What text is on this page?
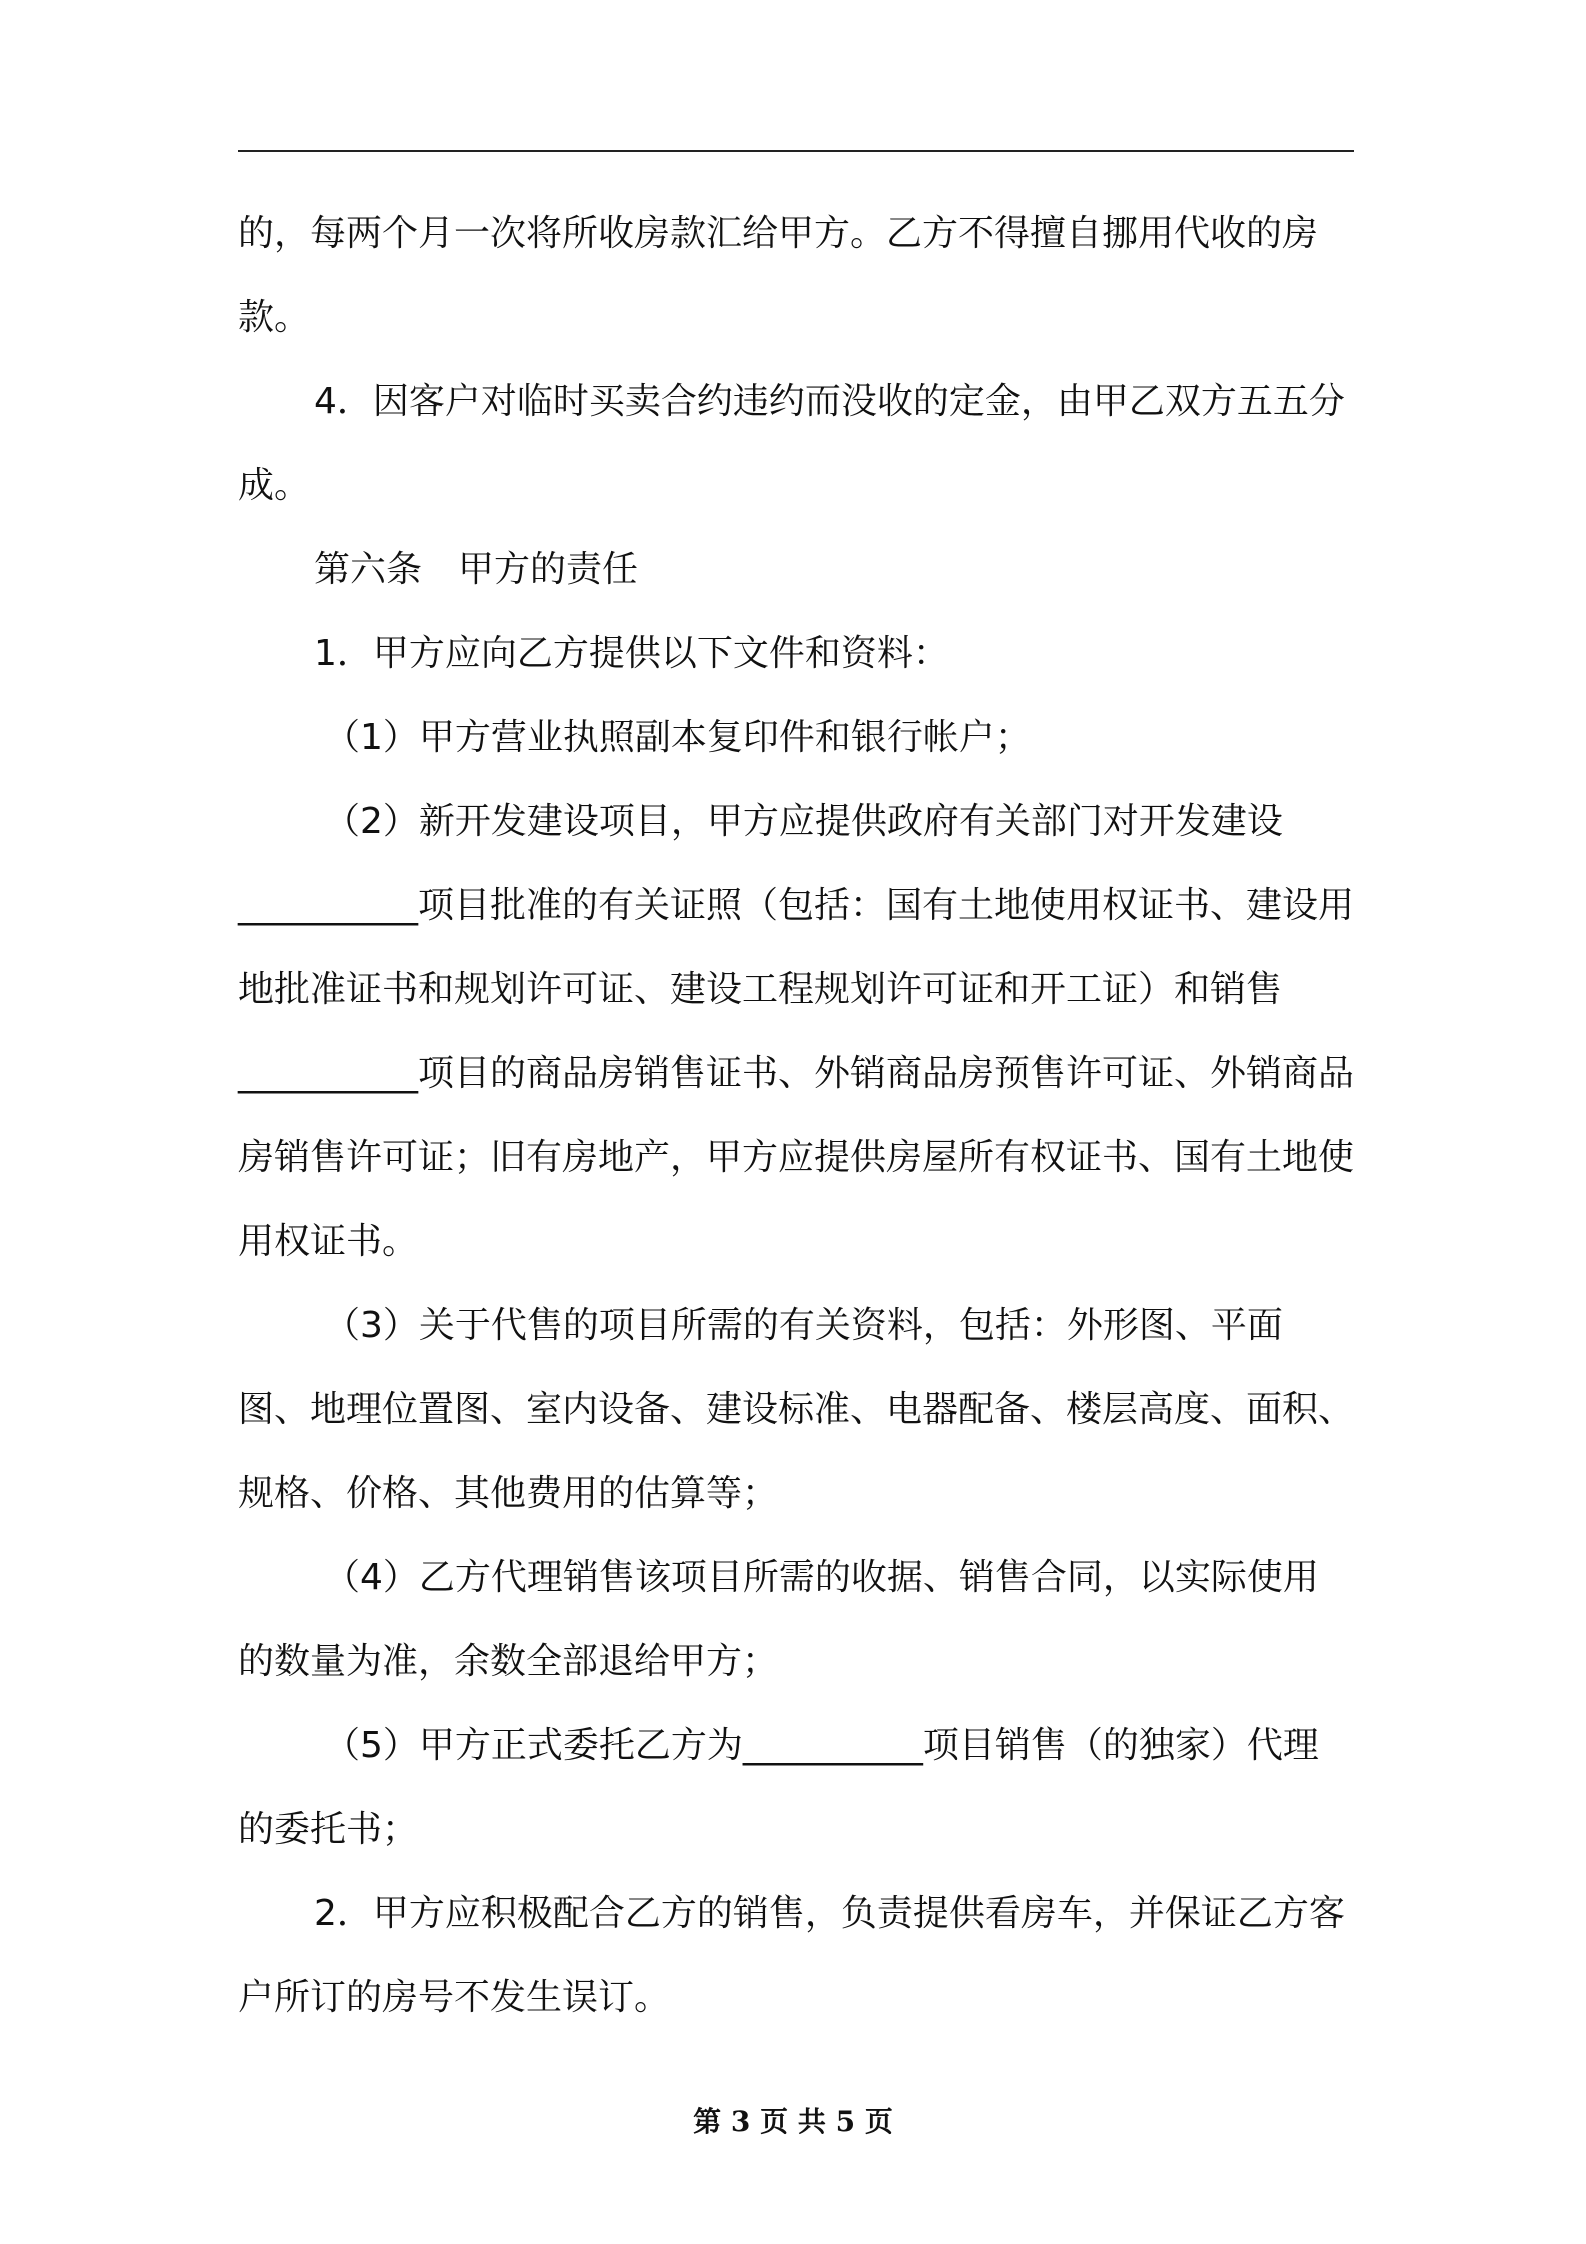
的，每两个月一次将所收房款汇给甲方。乙方不得擅自挪用代收的房款。

4．因客户对临时买卖合约违约而没收的定金，由甲乙双方五五分成。

第六条　甲方的责任

1．甲方应向乙方提供以下文件和资料：

（1）甲方营业执照副本复印件和银行帐户；

（2）新开发建设项目，甲方应提供政府有关部门对开发建设__________项目批准的有关证照（包括：国有土地使用权证书、建设用地批准证书和规划许可证、建设工程规划许可证和开工证）和销售__________项目的商品房销售证书、外销商品房预售许可证、外销商品房销售许可证；旧有房地产，甲方应提供房屋所有权证书、国有土地使用权证书。

（3）关于代售的项目所需的有关资料，包括：外形图、平面图、地理位置图、室内设备、建设标准、电器配备、楼层高度、面积、规格、价格、其他费用的估算等；

（4）乙方代理销售该项目所需的收据、销售合同，以实际使用的数量为准，余数全部退给甲方；

（5）甲方正式委托乙方为__________项目销售（的独家）代理的委托书；

2．甲方应积极配合乙方的销售，负责提供看房车，并保证乙方客户所订的房号不发生误订。

第 3 页 共 5 页
